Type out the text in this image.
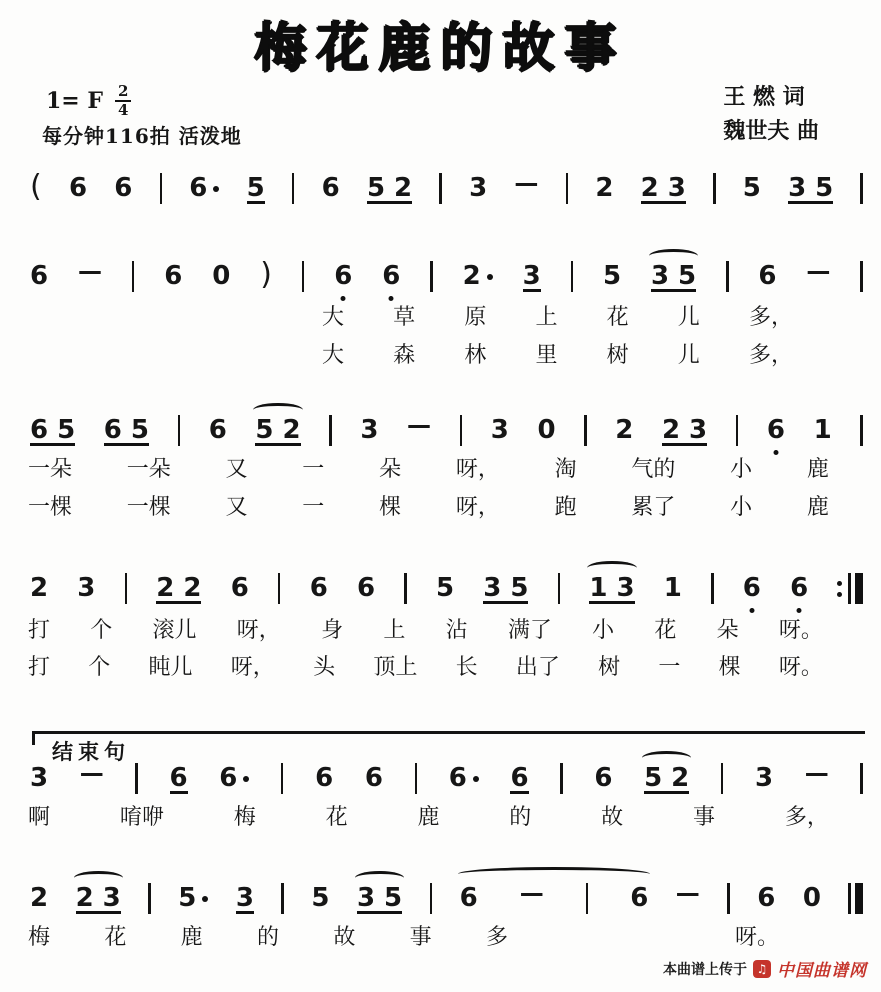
梅花鹿的故事
1= F $\frac{2}{4}$
每分钟116拍 活泼地
王 燃 词
魏世夫 曲
( 6 6 6	5 6 5 2 3 — 2 2 3 5 3 5
6 — 6 0 ) 6 6 2	3 5 3 5 6 —
大 草 原 上 花 儿 多，
大 森 林 里 树 儿 多，
6 5 6 5 6 5 2 3 — 3 0 2 2 3 6 1
一朵 一朵 又 一 朵 呀， 淘 气的 小 鹿
一棵 一棵 又 一 棵 呀， 跑 累了 小 鹿
2 3 2 2 6 6 6 5 3 5 1 3 1 6 6
打 个 滚儿 呀， 身 上 沾 满了 小 花 朵 呀。
打 个 盹儿 呀， 头 顶上 长 出了 树 一 棵 呀。
结束句
3 —	6 6	6 6	6	6	6 5 2	3 —
啊	唷咿	梅	花	鹿	的	故	事	多，
2 2 3 5	3 5 3 5 6 —	6 — 6 0
梅 花 鹿 的 故 事 多	呀。
本曲谱上传于 ♫ 中国曲谱网
